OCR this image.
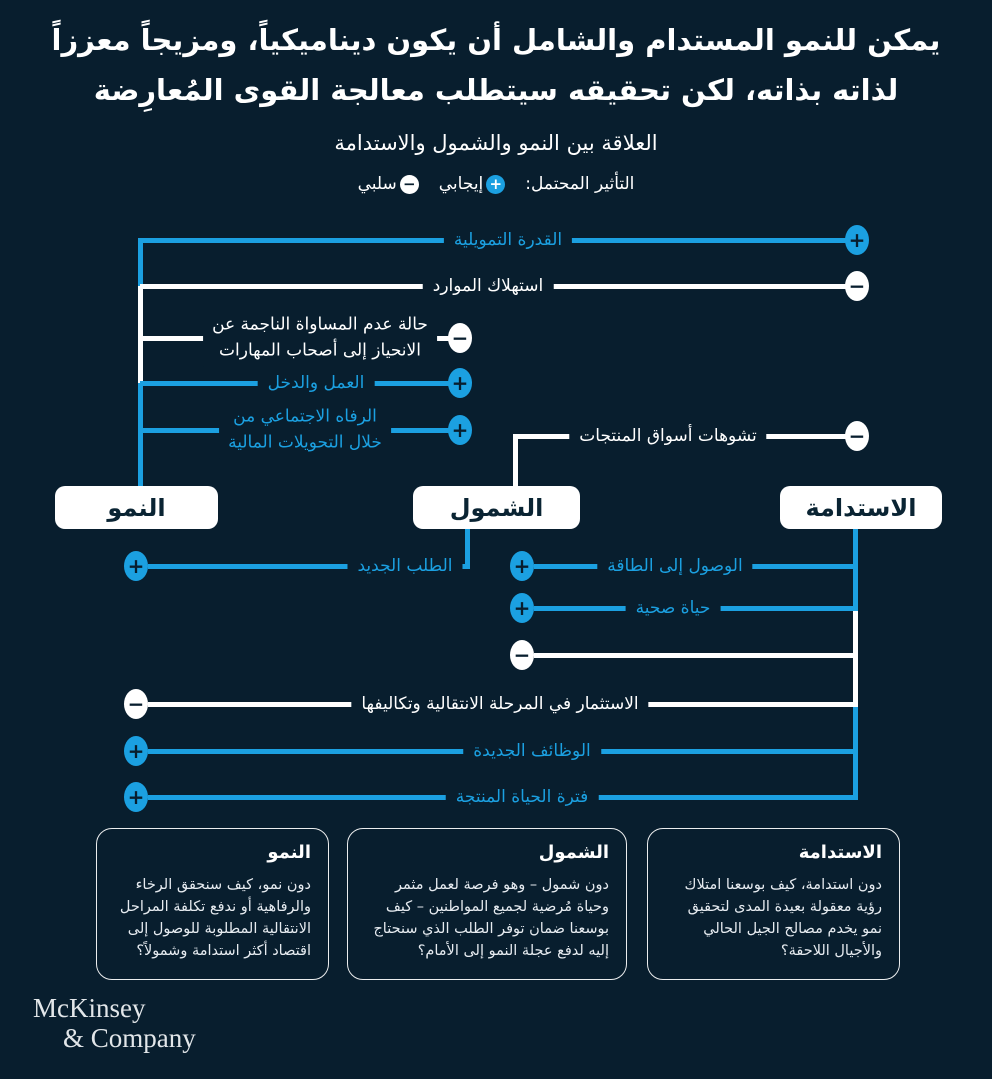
يمكن للنمو المستدام والشامل أن يكون ديناميكياً، ومزيجاً معززاً
لذاته بذاته، لكن تحقيقه سيتطلب معالجة القوى المُعارِضة
العلاقة بين النمو والشمول والاستدامة
التأثير المحتمل:
+
إيجابي
−
سلبي
القدرة التمويلية	+
استهلاك الموارد	−
حالة عدم المساواة الناجمة عن
الانحياز إلى أصحاب المهارات
−
العمل والدخل	+
الرفاه الاجتماعي من
خلال التحويلات المالية
+	تشوهات أسواق المنتجات	−
النمو	الشمول	الاستدامة
الطلب الجديد
+	الوصول إلى الطاقة
+
حياة صحية
+
−
الاستثمار في المرحلة الانتقالية وتكاليفها
−
الوظائف الجديدة
+
فترة الحياة المنتجة
+
النمو
دون نمو، كيف سنحقق الرخاء والرفاهية أو ندفع تكلفة المراحل الانتقالية المطلوبة للوصول إلى اقتصاد أكثر استدامة وشمولاً؟
الشمول
دون شمول – وهو فرصة لعمل مثمر وحياة مُرضية لجميع المواطنين – كيف بوسعنا ضمان توفر الطلب الذي سنحتاج إليه لدفع عجلة النمو إلى الأمام؟
الاستدامة
دون استدامة، كيف بوسعنا امتلاك رؤية معقولة بعيدة المدى لتحقيق نمو يخدم مصالح الجيل الحالي والأجيال اللاحقة؟
McKinsey
& Company
